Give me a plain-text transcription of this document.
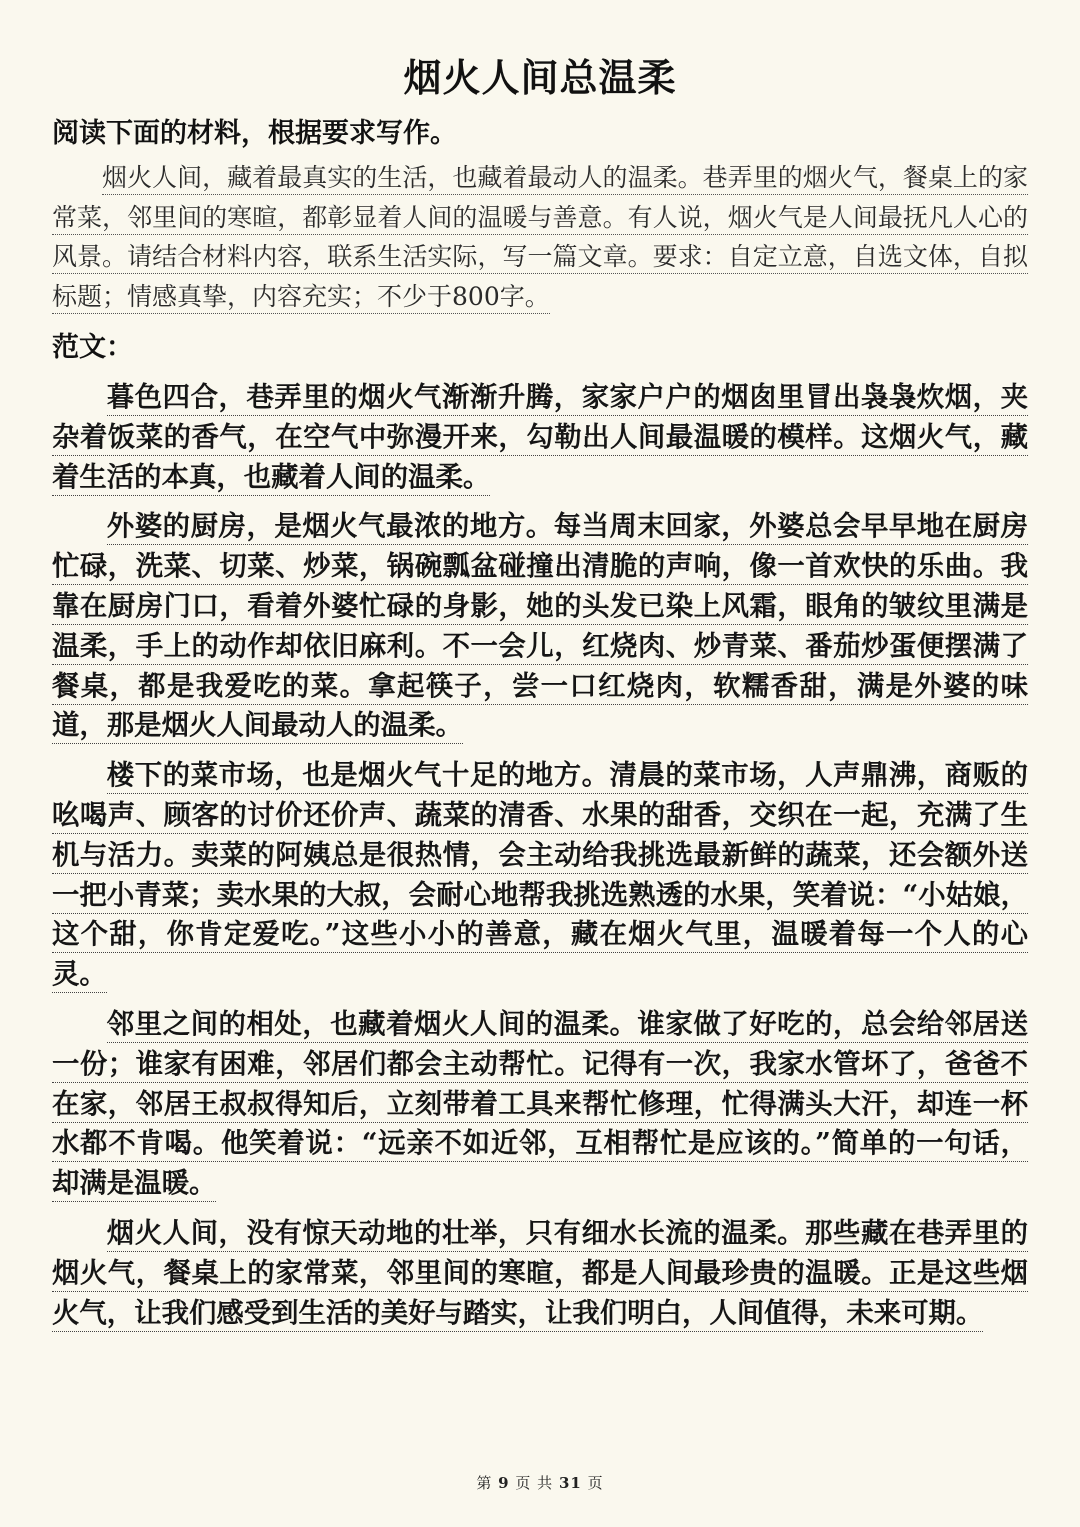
烟火人间总温柔
阅读下面的材料，根据要求写作。

烟火人间，藏着最真实的生活，也藏着最动人的温柔。巷弄里的烟火气，餐桌上的家常菜，邻里间的寒暄，都彰显着人间的温暖与善意。有人说，烟火气是人间最抚凡人心的风景。请结合材料内容，联系生活实际，写一篇文章。要求：自定立意，自选文体，自拟标题；情感真挚，内容充实；不少于800字。

范文：

暮色四合，巷弄里的烟火气渐渐升腾，家家户户的烟囱里冒出袅袅炊烟，夹杂着饭菜的香气，在空气中弥漫开来，勾勒出人间最温暖的模样。这烟火气，藏着生活的本真，也藏着人间的温柔。

外婆的厨房，是烟火气最浓的地方。每当周末回家，外婆总会早早地在厨房忙碌，洗菜、切菜、炒菜，锅碗瓢盆碰撞出清脆的声响，像一首欢快的乐曲。我靠在厨房门口，看着外婆忙碌的身影，她的头发已染上风霜，眼角的皱纹里满是温柔，手上的动作却依旧麻利。不一会儿，红烧肉、炒青菜、番茄炒蛋便摆满了餐桌，都是我爱吃的菜。拿起筷子，尝一口红烧肉，软糯香甜，满是外婆的味道，那是烟火人间最动人的温柔。

楼下的菜市场，也是烟火气十足的地方。清晨的菜市场，人声鼎沸，商贩的吆喝声、顾客的讨价还价声、蔬菜的清香、水果的甜香，交织在一起，充满了生机与活力。卖菜的阿姨总是很热情，会主动给我挑选最新鲜的蔬菜，还会额外送一把小青菜；卖水果的大叔，会耐心地帮我挑选熟透的水果，笑着说：“小姑娘，这个甜，你肯定爱吃。”这些小小的善意，藏在烟火气里，温暖着每一个人的心灵。

邻里之间的相处，也藏着烟火人间的温柔。谁家做了好吃的，总会给邻居送一份；谁家有困难，邻居们都会主动帮忙。记得有一次，我家水管坏了，爸爸不在家，邻居王叔叔得知后，立刻带着工具来帮忙修理，忙得满头大汗，却连一杯水都不肯喝。他笑着说：“远亲不如近邻，互相帮忙是应该的。”简单的一句话，却满是温暖。

烟火人间，没有惊天动地的壮举，只有细水长流的温柔。那些藏在巷弄里的烟火气，餐桌上的家常菜，邻里间的寒暄，都是人间最珍贵的温暖。正是这些烟火气，让我们感受到生活的美好与踏实，让我们明白，人间值得，未来可期。

第 9 页 共 31 页
